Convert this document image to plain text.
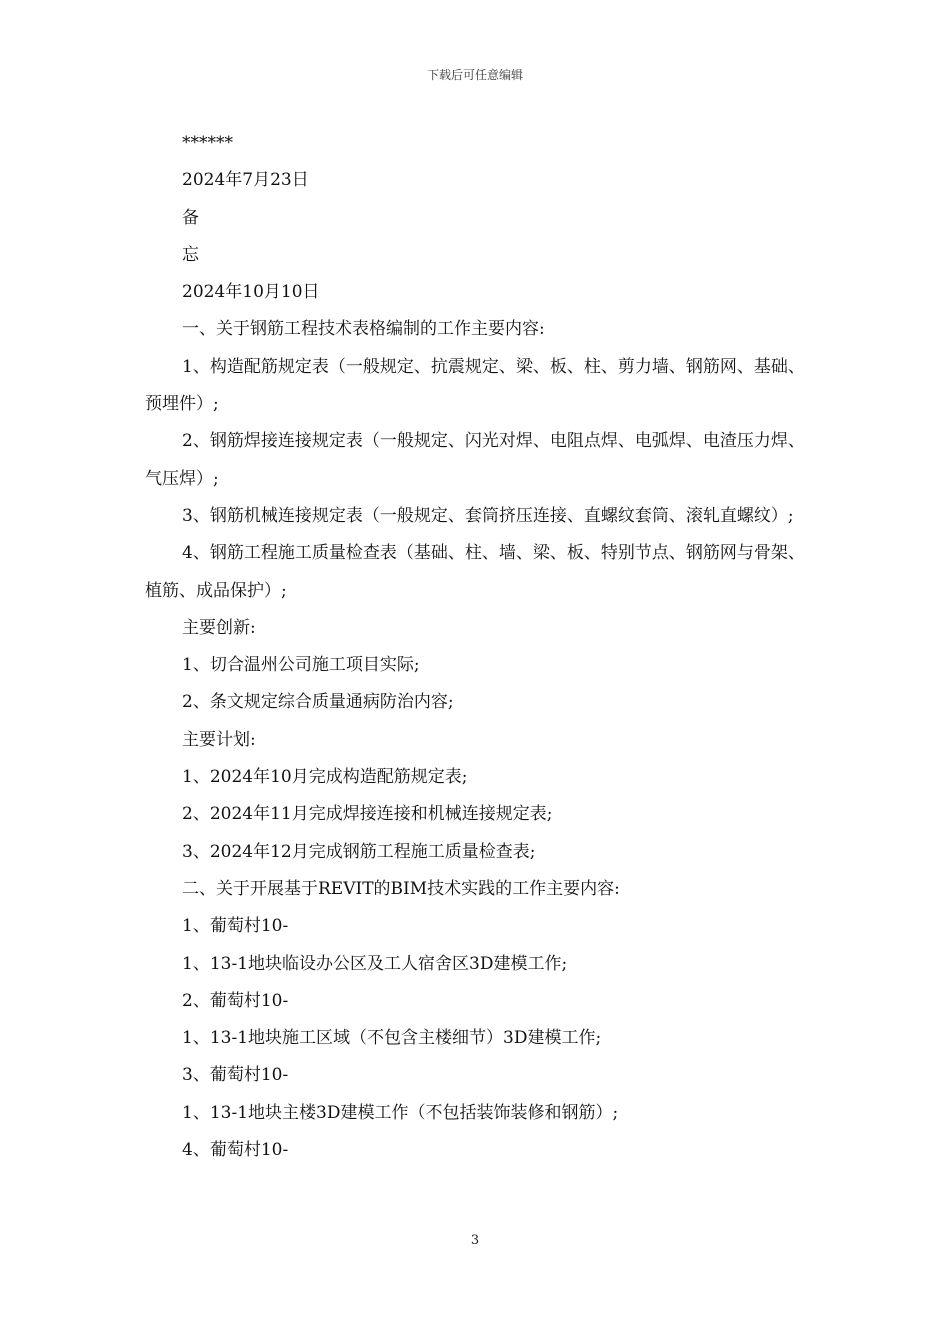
下载后可任意编辑

******

2024年7月23日

备

忘

2024年10月10日

一、关于钢筋工程技术表格编制的工作主要内容:

1、构造配筋规定表（一般规定、抗震规定、梁、板、柱、剪力墙、钢筋网、基础、预埋件）;

2、钢筋焊接连接规定表（一般规定、闪光对焊、电阻点焊、电弧焊、电渣压力焊、气压焊）;

3、钢筋机械连接规定表（一般规定、套筒挤压连接、直螺纹套筒、滚轧直螺纹）;

4、钢筋工程施工质量检查表（基础、柱、墙、梁、板、特别节点、钢筋网与骨架、植筋、成品保护）;

主要创新:

1、切合温州公司施工项目实际;

2、条文规定综合质量通病防治内容;

主要计划:

1、2024年10月完成构造配筋规定表;

2、2024年11月完成焊接连接和机械连接规定表;

3、2024年12月完成钢筋工程施工质量检查表;

二、关于开展基于REVIT的BIM技术实践的工作主要内容:

1、葡萄村10-

1、13-1地块临设办公区及工人宿舍区3D建模工作;

2、葡萄村10-

1、13-1地块施工区域（不包含主楼细节）3D建模工作;

3、葡萄村10-

1、13-1地块主楼3D建模工作（不包括装饰装修和钢筋）;

4、葡萄村10-

3
